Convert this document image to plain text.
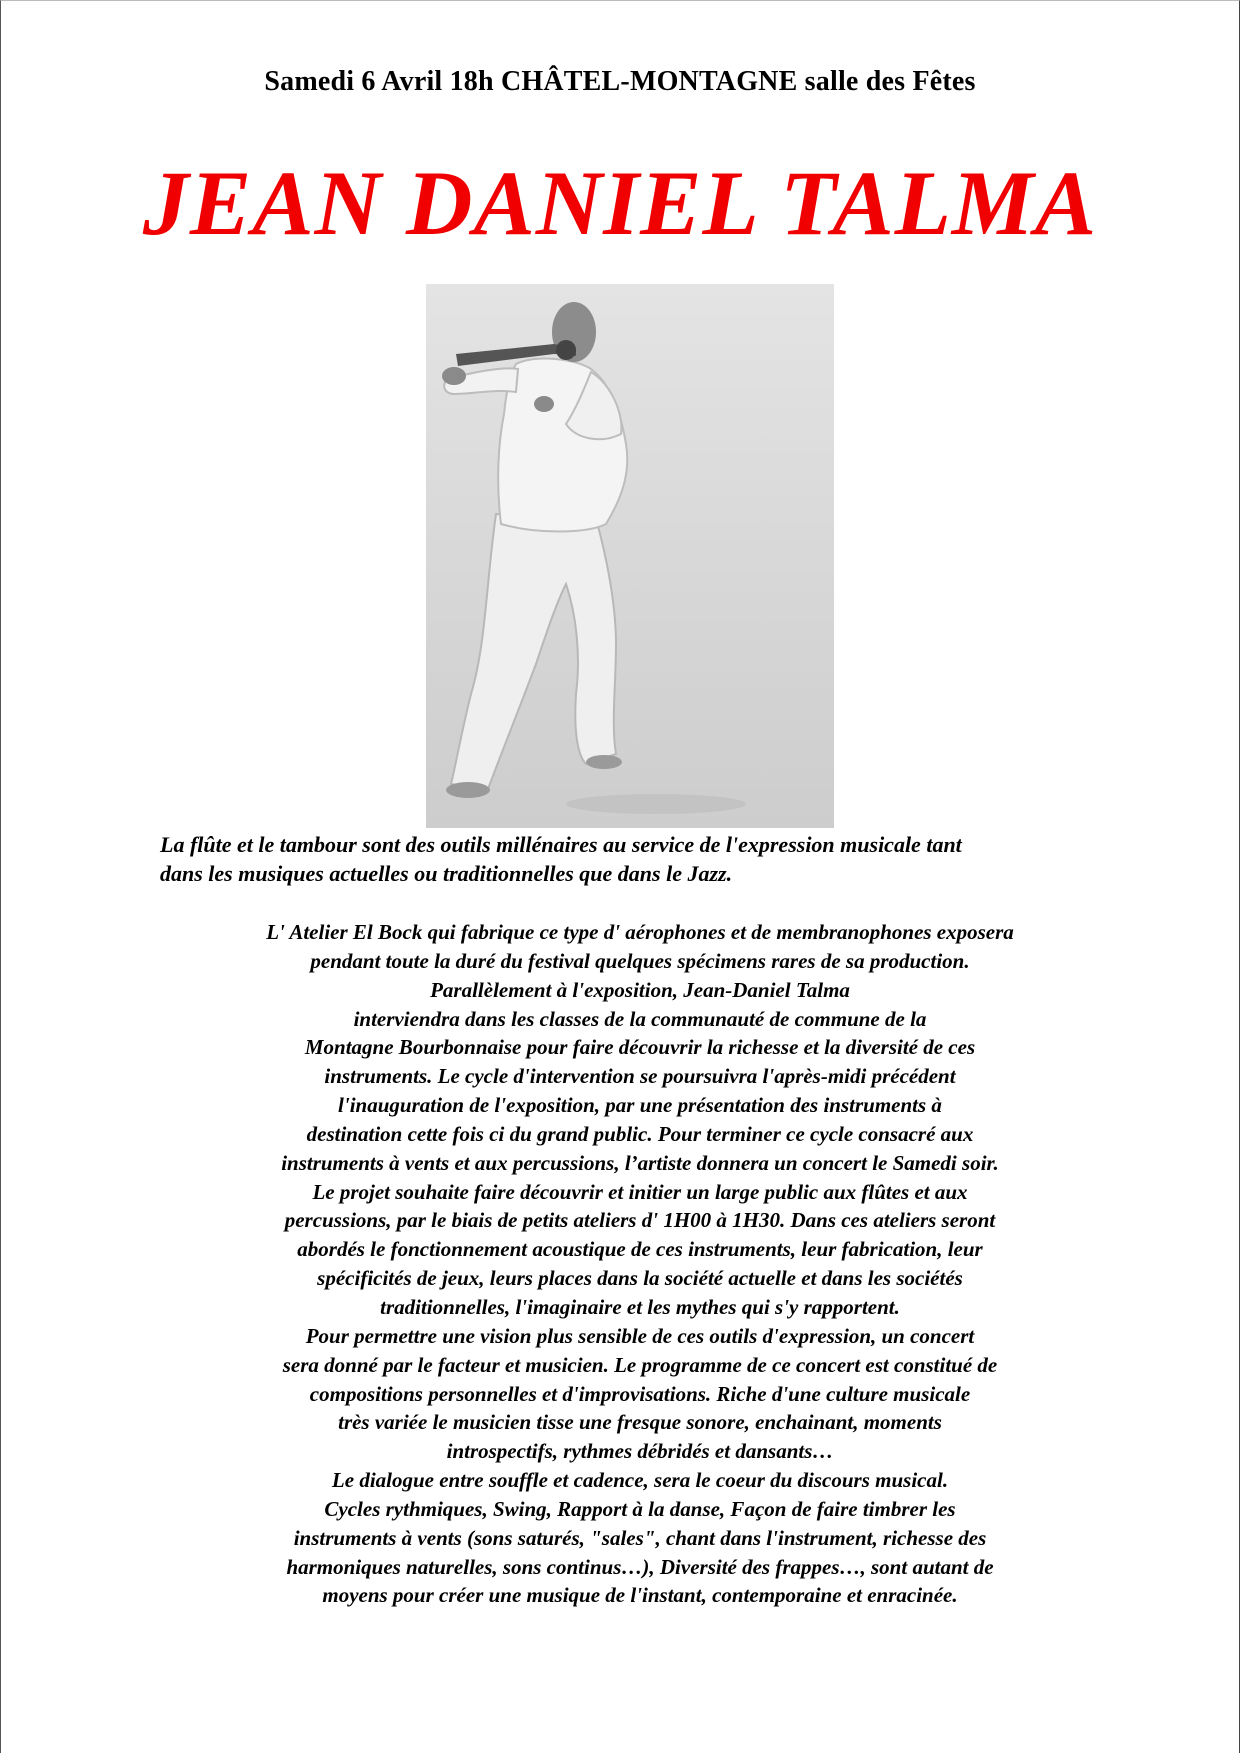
Samedi 6 Avril 18h CHÂTEL-MONTAGNE salle des Fêtes
JEAN DANIEL TALMA

La flûte et le tambour sont des outils millénaires au service de l'expression musicale tant

dans les musiques actuelles ou traditionnelles que dans le Jazz.

L' Atelier El Bock qui fabrique ce type d' aérophones et de membranophones exposera

pendant toute la duré du festival quelques spécimens rares de sa production.

Parallèlement à l'exposition, Jean-Daniel Talma

interviendra dans les classes de la communauté de commune de la

Montagne Bourbonnaise pour faire découvrir la richesse et la diversité de ces

instruments. Le cycle d'intervention se poursuivra l'après-midi précédent

l'inauguration de l'exposition, par une présentation des instruments à

destination cette fois ci du grand public. Pour terminer ce cycle consacré aux

instruments à vents et aux percussions, l’artiste donnera un concert le Samedi soir.

Le projet souhaite faire découvrir et initier un large public aux flûtes et aux

percussions, par le biais de petits ateliers d' 1H00 à 1H30. Dans ces ateliers seront

abordés le fonctionnement acoustique de ces instruments, leur fabrication, leur

spécificités de jeux, leurs places dans la société actuelle et dans les sociétés

traditionnelles, l'imaginaire et les mythes qui s'y rapportent.

Pour permettre une vision plus sensible de ces outils d'expression, un concert

sera donné par le facteur et musicien. Le programme de ce concert est constitué de

compositions personnelles et d'improvisations. Riche d'une culture musicale

très variée le musicien tisse une fresque sonore, enchainant, moments

introspectifs, rythmes débridés et dansants…

Le dialogue entre souffle et cadence, sera le coeur du discours musical.

Cycles rythmiques, Swing, Rapport à la danse, Façon de faire timbrer les

instruments à vents (sons saturés, "sales", chant dans l'instrument, richesse des

harmoniques naturelles, sons continus…), Diversité des frappes…, sont autant de

moyens pour créer une musique de l'instant, contemporaine et enracinée.
